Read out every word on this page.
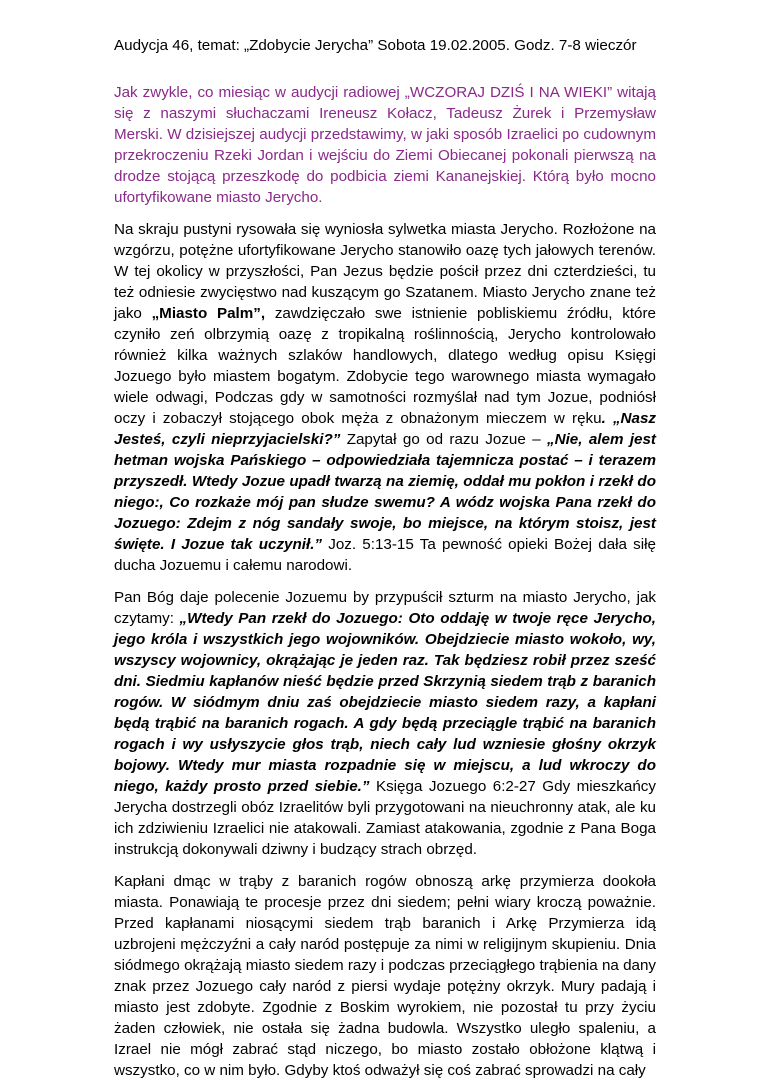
Audycja 46, temat: „Zdobycie Jerycha” Sobota 19.02.2005. Godz. 7-8 wieczór

Jak zwykle, co miesiąc w audycji radiowej „WCZORAJ DZIŚ I NA WIEKI” witają się z naszymi słuchaczami Ireneusz Kołacz, Tadeusz Żurek i Przemysław Merski. W dzisiejszej audycji przedstawimy, w jaki sposób Izraelici po cudownym przekroczeniu Rzeki Jordan i wejściu do Ziemi Obiecanej pokonali pierwszą na drodze stojącą przeszkodę do podbicia ziemi Kananejskiej. Którą było mocno ufortyfikowane miasto Jerycho.

Na skraju pustyni rysowała się wyniosła sylwetka miasta Jerycho. Rozłożone na wzgórzu, potężne ufortyfikowane Jerycho stanowiło oazę tych jałowych terenów. W tej okolicy w przyszłości, Pan Jezus będzie pościł przez dni czterdzieści, tu też odniesie zwycięstwo nad kuszącym go Szatanem. Miasto Jerycho znane też jako „Miasto Palm”, zawdzięczało swe istnienie pobliskiemu źródłu, które czyniło zeń olbrzymią oazę z tropikalną roślinnością, Jerycho kontrolowało również kilka ważnych szlaków handlowych, dlatego według opisu Księgi Jozuego było miastem bogatym. Zdobycie tego warownego miasta wymagało wiele odwagi, Podczas gdy w samotności rozmyślał nad tym Jozue, podniósł oczy i zobaczył stojącego obok męża z obnażonym mieczem w ręku. „Nasz Jesteś, czyli nieprzyjacielski?” Zapytał go od razu Jozue – „Nie, alem jest hetman wojska Pańskiego – odpowiedziała tajemnicza postać – i terazem przyszedł. Wtedy Jozue upadł twarzą na ziemię, oddał mu pokłon i rzekł do niego:, Co rozkaże mój pan słudze swemu? A wódz wojska Pana rzekł do Jozuego: Zdejm z nóg sandały swoje, bo miejsce, na którym stoisz, jest święte. I Jozue tak uczynił.” Joz. 5:13-15 Ta pewność opieki Bożej dała siłę ducha Jozuemu i całemu narodowi.

Pan Bóg daje polecenie Jozuemu by przypuścił szturm na miasto Jerycho, jak czytamy: „Wtedy Pan rzekł do Jozuego: Oto oddaję w twoje ręce Jerycho, jego króla i wszystkich jego wojowników. Obejdziecie miasto wokoło, wy, wszyscy wojownicy, okrążając je jeden raz. Tak będziesz robił przez sześć dni. Siedmiu kapłanów nieść będzie przed Skrzynią siedem trąb z baranich rogów. W siódmym dniu zaś obejdziecie miasto siedem razy, a kapłani będą trąbić na baranich rogach. A gdy będą przeciągle trąbić na baranich rogach i wy usłyszycie głos trąb, niech cały lud wzniesie głośny okrzyk bojowy. Wtedy mur miasta rozpadnie się w miejscu, a lud wkroczy do niego, każdy prosto przed siebie.” Księga Jozuego 6:2-27 Gdy mieszkańcy Jerycha dostrzegli obóz Izraelitów byli przygotowani na nieuchronny atak, ale ku ich zdziwieniu Izraelici nie atakowali. Zamiast atakowania, zgodnie z Pana Boga instrukcją dokonywali dziwny i budzący strach obrzęd.

Kapłani dmąc w trąby z baranich rogów obnoszą arkę przymierza dookoła miasta. Ponawiają te procesje przez dni siedem; pełni wiary kroczą poważnie. Przed kapłanami niosącymi siedem trąb baranich i Arkę Przymierza idą uzbrojeni mężczyźni a cały naród postępuje za nimi w religijnym skupieniu. Dnia siódmego okrążają miasto siedem razy i podczas przeciągłego trąbienia na dany znak przez Jozuego cały naród z piersi wydaje potężny okrzyk. Mury padają i miasto jest zdobyte. Zgodnie z Boskim wyrokiem, nie pozostał tu przy życiu żaden człowiek, nie ostała się żadna budowla. Wszystko uległo spaleniu, a Izrael nie mógł zabrać stąd niczego, bo miasto zostało obłożone klątwą i wszystko, co w nim było. Gdyby ktoś odważył się coś zabrać sprowadzi na cały
